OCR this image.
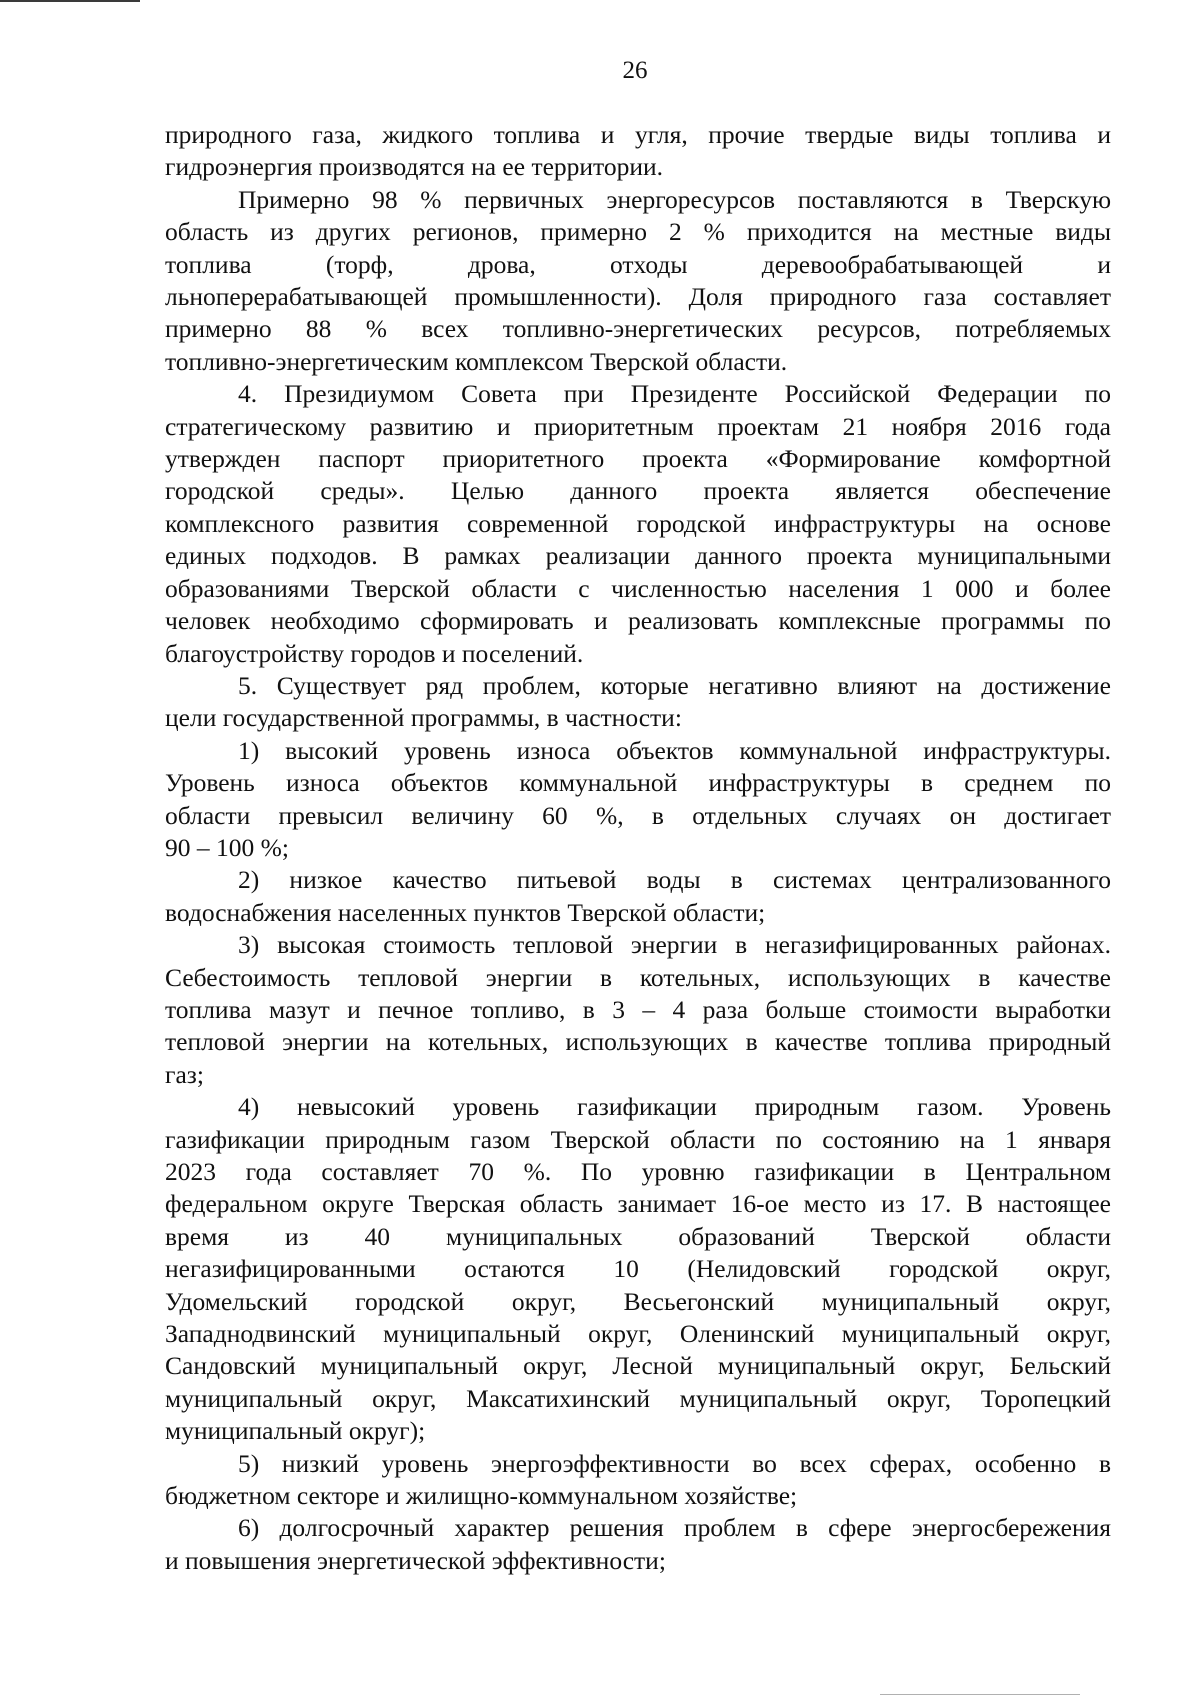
26

природного газа, жидкого топлива и угля, прочие твердые виды топлива и
гидроэнергия производятся на ее территории.

Примерно 98 % первичных энергоресурсов поставляются в Тверскую
область из других регионов, примерно 2 % приходится на местные виды
топлива (торф, дрова, отходы деревообрабатывающей и
льноперерабатывающей промышленности). Доля природного газа составляет
примерно 88 % всех топливно-энергетических ресурсов, потребляемых
топливно-энергетическим комплексом Тверской области.

4. Президиумом Совета при Президенте Российской Федерации по
стратегическому развитию и приоритетным проектам 21 ноября 2016 года
утвержден паспорт приоритетного проекта «Формирование комфортной
городской среды». Целью данного проекта является обеспечение
комплексного развития современной городской инфраструктуры на основе
единых подходов. В рамках реализации данного проекта муниципальными
образованиями Тверской области с численностью населения 1 000 и более
человек необходимо сформировать и реализовать комплексные программы по
благоустройству городов и поселений.

5. Существует ряд проблем, которые негативно влияют на достижение
цели государственной программы, в частности:

1) высокий уровень износа объектов коммунальной инфраструктуры.
Уровень износа объектов коммунальной инфраструктуры в среднем по
области превысил величину 60 %, в отдельных случаях он достигает
90 – 100 %;

2) низкое качество питьевой воды в системах централизованного
водоснабжения населенных пунктов Тверской области;

3) высокая стоимость тепловой энергии в негазифицированных районах.
Себестоимость тепловой энергии в котельных, использующих в качестве
топлива мазут и печное топливо, в 3 – 4 раза больше стоимости выработки
тепловой энергии на котельных, использующих в качестве топлива природный
газ;

4) невысокий уровень газификации природным газом. Уровень
газификации природным газом Тверской области по состоянию на 1 января
2023 года составляет 70 %. По уровню газификации в Центральном
федеральном округе Тверская область занимает 16-ое место из 17. В настоящее
время из 40 муниципальных образований Тверской области
негазифицированными остаются 10 (Нелидовский городской округ,
Удомельский городской округ, Весьегонский муниципальный округ,
Западнодвинский муниципальный округ, Оленинский муниципальный округ,
Сандовский муниципальный округ, Лесной муниципальный округ, Бельский
муниципальный округ, Максатихинский муниципальный округ, Торопецкий
муниципальный округ);

5) низкий уровень энергоэффективности во всех сферах, особенно в
бюджетном секторе и жилищно-коммунальном хозяйстве;

6) долгосрочный характер решения проблем в сфере энергосбережения
и повышения энергетической эффективности;
